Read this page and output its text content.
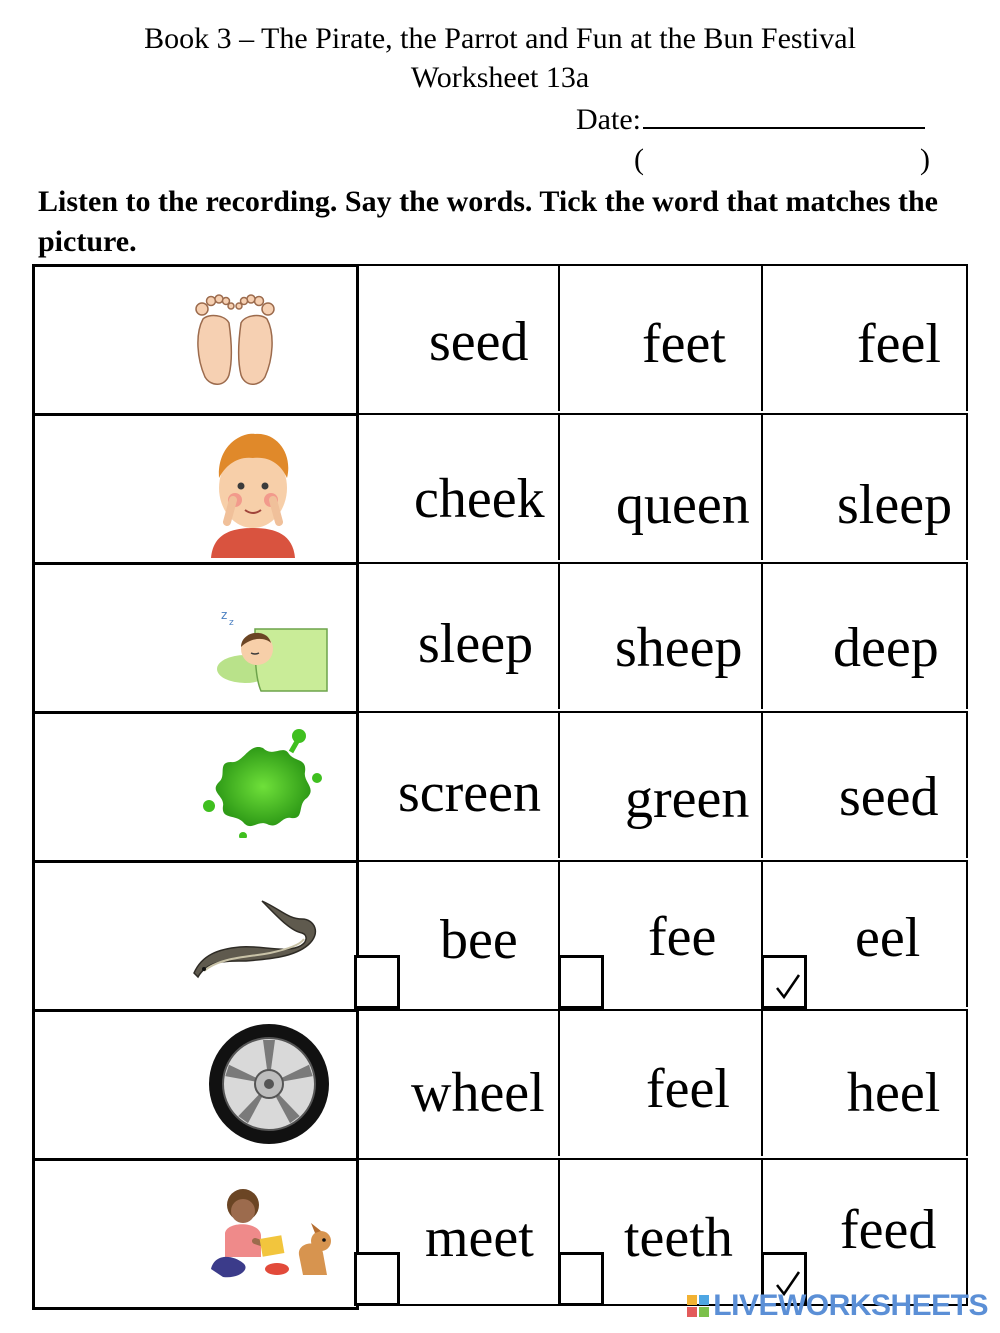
Book 3 – The Pirate, the Parrot and Fun at the Bun Festival
Worksheet 13a
Date:
(	)
Listen to the recording. Say the words. Tick the word that matches the picture.
seed feet feel
cheek queen sleep
z
z	sleep sheep deep
screen green seed
bee fee eel
wheel feel heel
meet teeth feed
LIVEWORKSHEETS
